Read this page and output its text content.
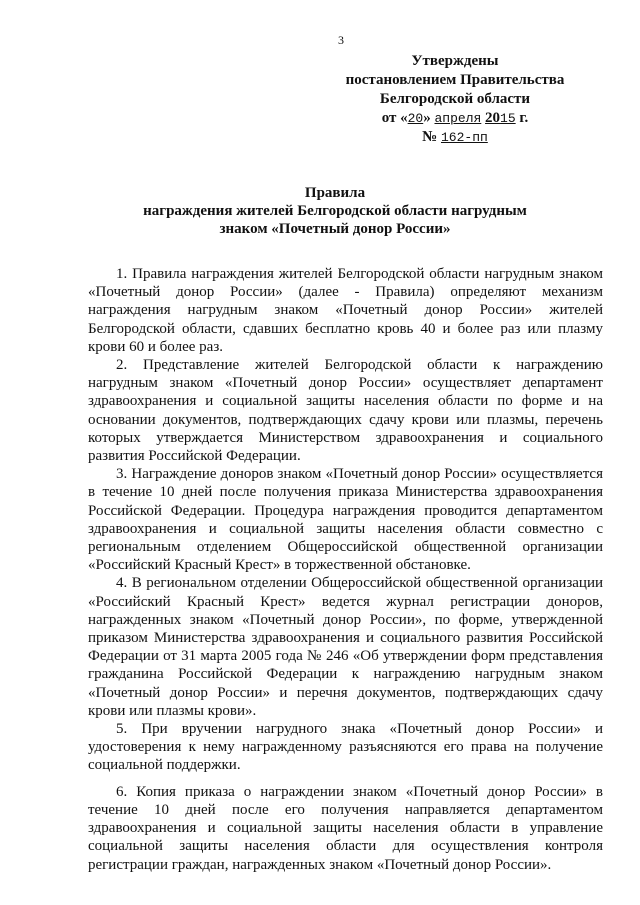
3
Утверждены
постановлением Правительства
Белгородской области
от «20» апреля 2015 г.
№ 162-пп
Правила
награждения жителей Белгородской области нагрудным
знаком «Почетный донор России»

1. Правила награждения жителей Белгородской области нагрудным знаком «Почетный донор России» (далее - Правила) определяют механизм награждения нагрудным знаком «Почетный донор России» жителей Белгородской области, сдавших бесплатно кровь 40 и более раз или плазму крови 60 и более раз.

2. Представление жителей Белгородской области к награждению нагрудным знаком «Почетный донор России» осуществляет департамент здравоохранения и социальной защиты населения области по форме и на основании документов, подтверждающих сдачу крови или плазмы, перечень которых утверждается Министерством здравоохранения и социального развития Российской Федерации.

3. Награждение доноров знаком «Почетный донор России» осуществляется в течение 10 дней после получения приказа Министерства здравоохранения Российской Федерации. Процедура награждения проводится департаментом здравоохранения и социальной защиты населения области совместно с региональным отделением Общероссийской общественной организации «Российский Красный Крест» в торжественной обстановке.

4. В региональном отделении Общероссийской общественной организации «Российский Красный Крест» ведется журнал регистрации доноров, награжденных знаком «Почетный донор России», по форме, утвержденной приказом Министерства здравоохранения и социального развития Российской Федерации от 31 марта 2005 года № 246 «Об утверждении форм представления гражданина Российской Федерации к награждению нагрудным знаком «Почетный донор России» и перечня документов, подтверждающих сдачу крови или плазмы крови».

5. При вручении нагрудного знака «Почетный донор России» и удостоверения к нему награжденному разъясняются его права на получение социальной поддержки.

6. Копия приказа о награждении знаком «Почетный донор России» в течение 10 дней после его получения направляется департаментом здравоохранения и социальной защиты населения области в управление социальной защиты населения области для осуществления контроля регистрации граждан, награжденных знаком «Почетный донор России».
